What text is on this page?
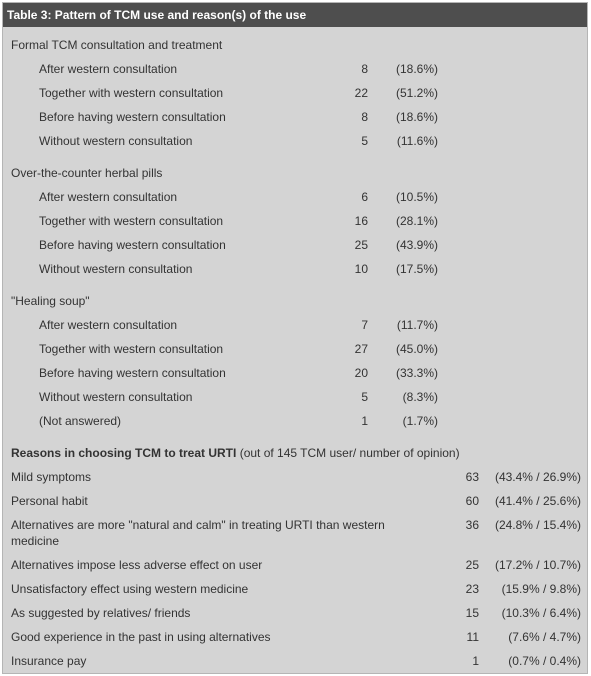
Table 3: Pattern of TCM use and reason(s) of the use
Formal TCM consultation and treatment
After western consultation	8 (18.6%)
Together with western consultation	22 (51.2%)
Before having western consultation	8 (18.6%)
Without western consultation	5 (11.6%)
Over-the-counter herbal pills
After western consultation	6 (10.5%)
Together with western consultation	16 (28.1%)
Before having western consultation	25 (43.9%)
Without western consultation	10 (17.5%)
"Healing soup"
After western consultation	7 (11.7%)
Together with western consultation	27 (45.0%)
Before having western consultation	20 (33.3%)
Without western consultation	5	(8.3%)
(Not answered)	1	(1.7%)
Reasons in choosing TCM to treat URTI (out of 145 TCM user/ number of opinion)
Mild symptoms	63 (43.4% / 26.9%)
Personal habit	60 (41.4% / 25.6%)
Alternatives are more "natural and calm" in treating URTI than western medicine
36 (24.8% / 15.4%)
Alternatives impose less adverse effect on user	25 (17.2% / 10.7%)
Unsatisfactory effect using western medicine	23 (15.9% / 9.8%)
As suggested by relatives/ friends	15 (10.3% / 6.4%)
Good experience in the past in using alternatives	11 (7.6% / 4.7%)
Insurance pay	1 (0.7% / 0.4%)
